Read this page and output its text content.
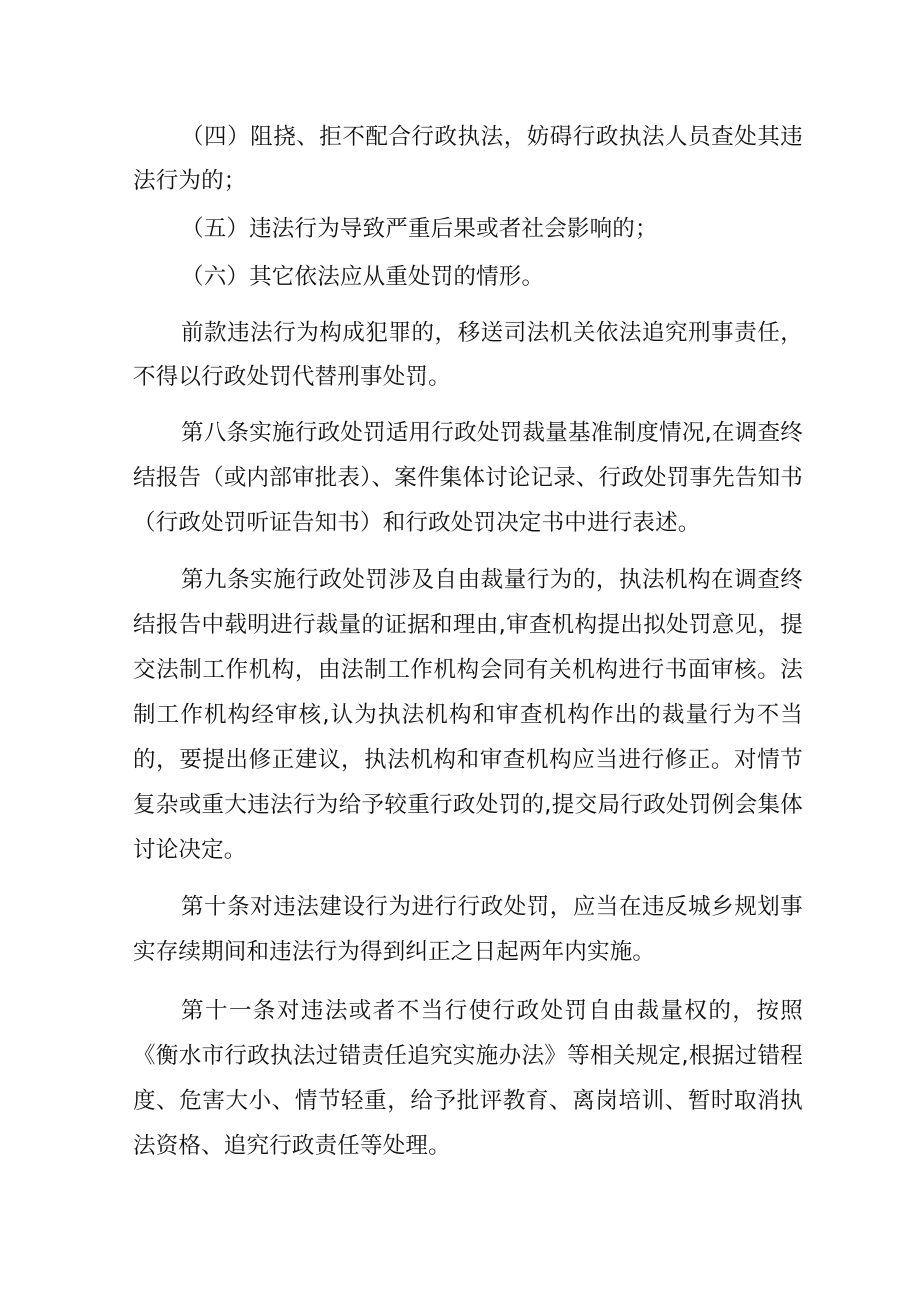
（四）阻挠、拒不配合行政执法，妨碍行政执法人员查处其违法行为的；

（五）违法行为导致严重后果或者社会影响的；

（六）其它依法应从重处罚的情形。

前款违法行为构成犯罪的，移送司法机关依法追究刑事责任，不得以行政处罚代替刑事处罚。

第八条实施行政处罚适用行政处罚裁量基准制度情况,在调查终结报告（或内部审批表）、案件集体讨论记录、行政处罚事先告知书（行政处罚听证告知书）和行政处罚决定书中进行表述。

第九条实施行政处罚涉及自由裁量行为的，执法机构在调查终结报告中载明进行裁量的证据和理由,审查机构提出拟处罚意见，提交法制工作机构，由法制工作机构会同有关机构进行书面审核。法制工作机构经审核,认为执法机构和审查机构作出的裁量行为不当的，要提出修正建议，执法机构和审查机构应当进行修正。对情节复杂或重大违法行为给予较重行政处罚的,提交局行政处罚例会集体讨论决定。

第十条对违法建设行为进行行政处罚，应当在违反城乡规划事实存续期间和违法行为得到纠正之日起两年内实施。

第十一条对违法或者不当行使行政处罚自由裁量权的，按照《衡水市行政执法过错责任追究实施办法》等相关规定,根据过错程度、危害大小、情节轻重，给予批评教育、离岗培训、暂时取消执法资格、追究行政责任等处理。
